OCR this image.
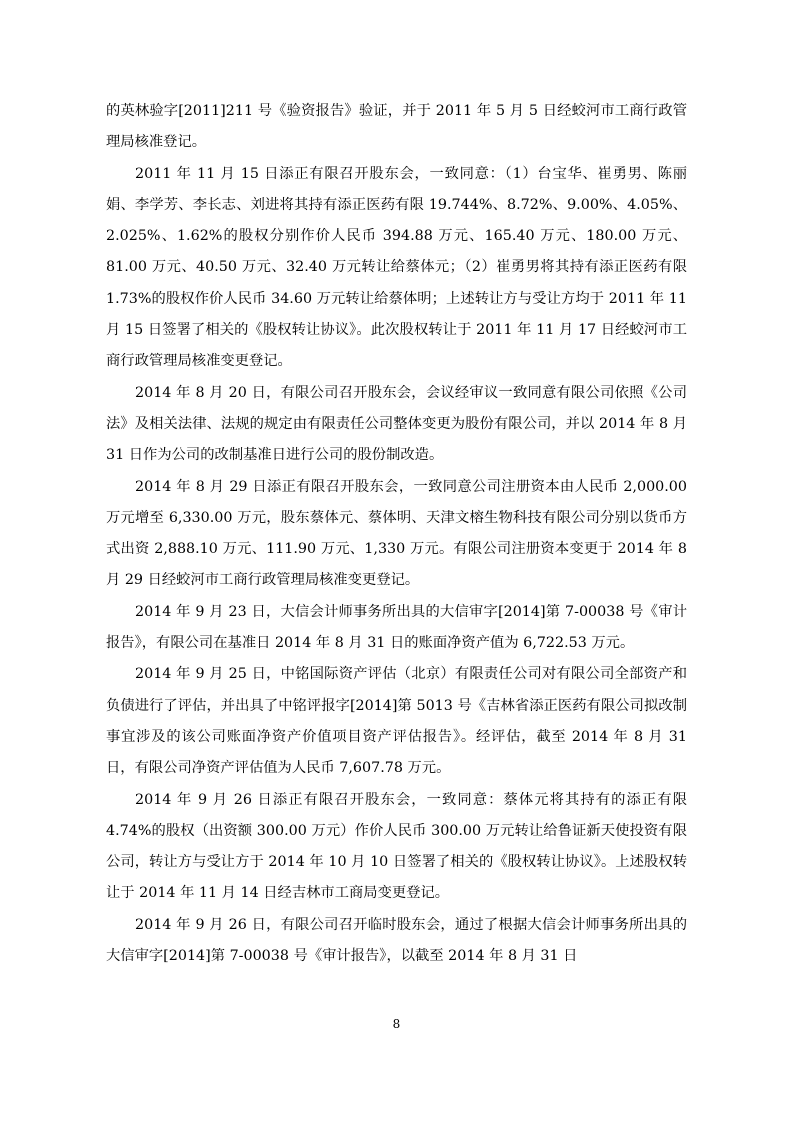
的英林验字[2011]211 号《验资报告》验证，并于 2011 年 5 月 5 日经蛟河市工商行政管理局核准登记。

2011 年 11 月 15 日添正有限召开股东会，一致同意：（1）台宝华、崔勇男、陈丽娟、李学芳、李长志、刘进将其持有添正医药有限 19.744%、8.72%、9.00%、4.05%、2.025%、1.62%的股权分别作价人民币 394.88 万元、165.40 万元、180.00 万元、81.00 万元、40.50 万元、32.40 万元转让给蔡体元；（2）崔勇男将其持有添正医药有限 1.73%的股权作价人民币 34.60 万元转让给蔡体明；上述转让方与受让方均于 2011 年 11 月 15 日签署了相关的《股权转让协议》。此次股权转让于 2011 年 11 月 17 日经蛟河市工商行政管理局核准变更登记。

2014 年 8 月 20 日，有限公司召开股东会，会议经审议一致同意有限公司依照《公司法》及相关法律、法规的规定由有限责任公司整体变更为股份有限公司，并以 2014 年 8 月 31 日作为公司的改制基准日进行公司的股份制改造。

2014 年 8 月 29 日添正有限召开股东会，一致同意公司注册资本由人民币 2,000.00 万元增至 6,330.00 万元，股东蔡体元、蔡体明、天津文榕生物科技有限公司分别以货币方式出资 2,888.10 万元、111.90 万元、1,330 万元。有限公司注册资本变更于 2014 年 8 月 29 日经蛟河市工商行政管理局核准变更登记。

2014 年 9 月 23 日，大信会计师事务所出具的大信审字[2014]第 7-00038 号《审计报告》，有限公司在基准日 2014 年 8 月 31 日的账面净资产值为 6,722.53 万元。

2014 年 9 月 25 日，中铭国际资产评估（北京）有限责任公司对有限公司全部资产和负债进行了评估，并出具了中铭评报字[2014]第 5013 号《吉林省添正医药有限公司拟改制事宜涉及的该公司账面净资产价值项目资产评估报告》。经评估，截至 2014 年 8 月 31 日，有限公司净资产评估值为人民币 7,607.78 万元。

2014 年 9 月 26 日添正有限召开股东会，一致同意：蔡体元将其持有的添正有限 4.74%的股权（出资额 300.00 万元）作价人民币 300.00 万元转让给鲁证新天使投资有限公司，转让方与受让方于 2014 年 10 月 10 日签署了相关的《股权转让协议》。上述股权转让于 2014 年 11 月 14 日经吉林市工商局变更登记。

2014 年 9 月 26 日，有限公司召开临时股东会，通过了根据大信会计师事务所出具的大信审字[2014]第 7-00038 号《审计报告》，以截至 2014 年 8 月 31 日

8
